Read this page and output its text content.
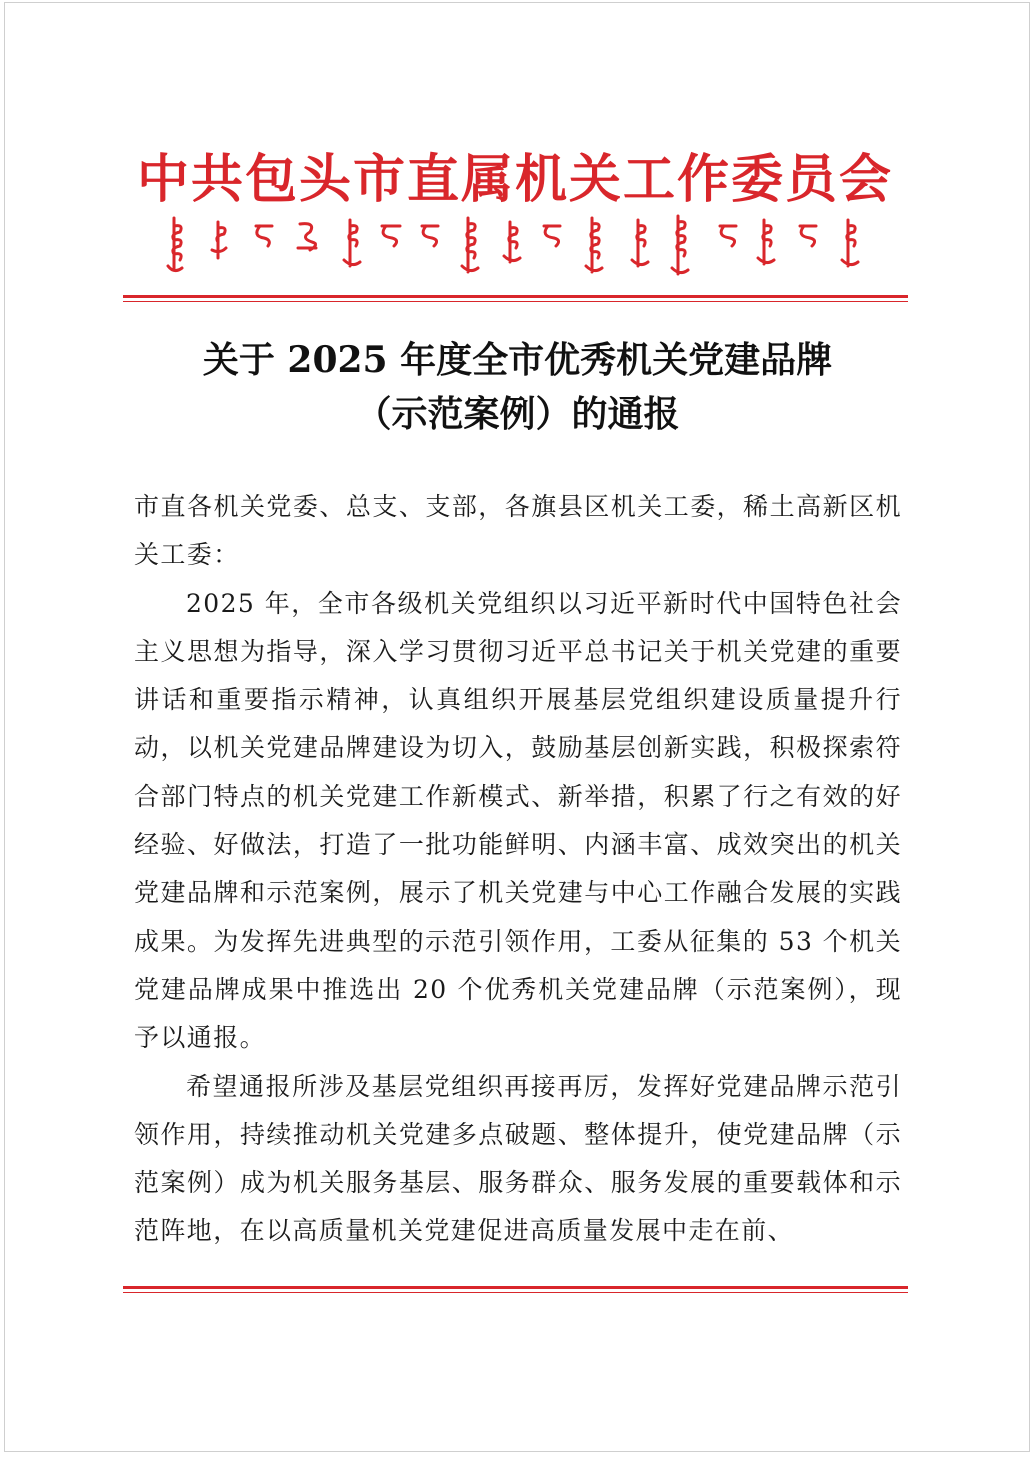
中共包头市直属机关工作委员会
关于 2025 年度全市优秀机关党建品牌
（示范案例）的通报

市直各机关党委、总支、支部，各旗县区机关工委，稀土高新区机关工委：

2025 年，全市各级机关党组织以习近平新时代中国特色社会主义思想为指导，深入学习贯彻习近平总书记关于机关党建的重要讲话和重要指示精神，认真组织开展基层党组织建设质量提升行动，以机关党建品牌建设为切入，鼓励基层创新实践，积极探索符合部门特点的机关党建工作新模式、新举措，积累了行之有效的好经验、好做法，打造了一批功能鲜明、内涵丰富、成效突出的机关党建品牌和示范案例，展示了机关党建与中心工作融合发展的实践成果。为发挥先进典型的示范引领作用，工委从征集的 53 个机关党建品牌成果中推选出 20 个优秀机关党建品牌（示范案例），现予以通报。

希望通报所涉及基层党组织再接再厉，发挥好党建品牌示范引领作用，持续推动机关党建多点破题、整体提升，使党建品牌（示范案例）成为机关服务基层、服务群众、服务发展的重要载体和示范阵地，在以高质量机关党建促进高质量发展中走在前、
